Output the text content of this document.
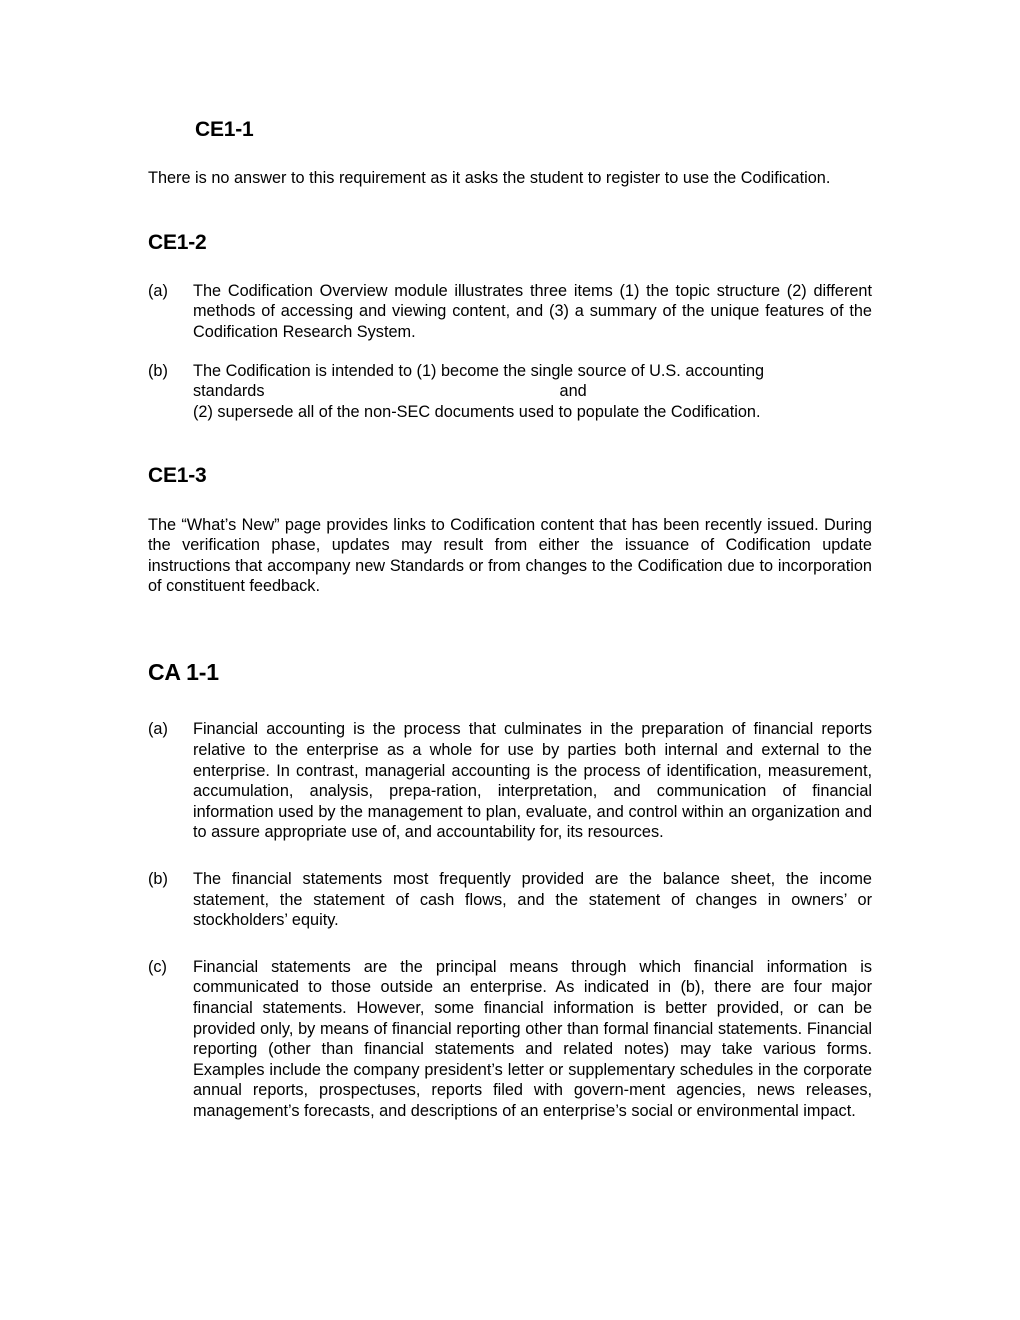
CE1-1

There is no answer to this requirement as it asks the student to register to use the Codification.

CE1-2
(a)	The Codification Overview module illustrates three items (1) the topic structure (2) different methods of accessing and viewing content, and (3) a summary of the unique features of the Codification Research System.
(b)	The Codification is intended to (1) become the single source of U.S. accounting
standards	and
(2) supersede all of the non-SEC documents used to populate the Codification.
CE1-3

The “What’s New” page provides links to Codification content that has been recently issued. During the verification phase, updates may result from either the issuance of Codification update instructions that accompany new Standards or from changes to the Codification due to incorporation of constituent feedback.

CA 1-1
(a)	Financial accounting is the process that culminates in the preparation of financial reports relative to the enterprise as a whole for use by parties both internal and external to the enterprise. In contrast, managerial accounting is the process of identification, measurement, accumulation, analysis, prepa-ration, interpretation, and communication of financial information used by the management to plan, evaluate, and control within an organization and to assure appropriate use of, and accountability for, its resources.
(b)	The financial statements most frequently provided are the balance sheet, the income statement, the statement of cash flows, and the statement of changes in owners’ or stockholders’ equity.
(c)	Financial statements are the principal means through which financial information is communicated to those outside an enterprise. As indicated in (b), there are four major financial statements. However, some financial information is better provided, or can be provided only, by means of financial reporting other than formal financial statements. Financial reporting (other than financial statements and related notes) may take various forms. Examples include the company president’s letter or supplementary schedules in the corporate annual reports, prospectuses, reports filed with govern-ment agencies, news releases, management’s forecasts, and descriptions of an enterprise’s social or environmental impact.
